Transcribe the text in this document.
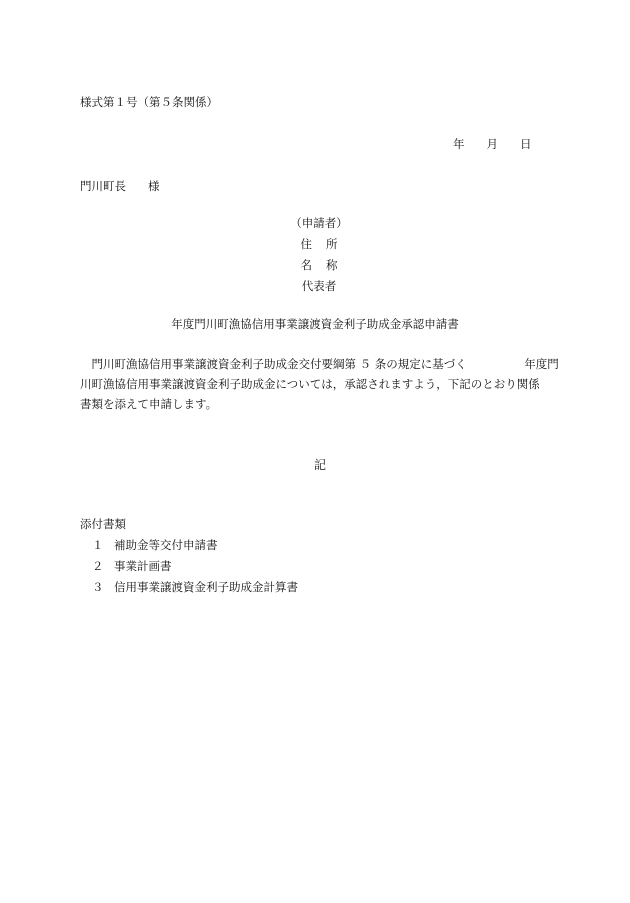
様式第１号（第５条関係）
年 月 日
門川町長 様
（申請者）
住 所
名 称
代表者
年度門川町漁協信用事業譲渡資金利子助成金承認申請書
　門川町漁協信用事業譲渡資金利子助成金交付要綱第 ５ 条の規定に基づく　　　　　年度門
川町漁協信用事業譲渡資金利子助成金については，承認されますよう，下記のとおり関係
書類を添えて申請します。
記
添付書類
１ 補助金等交付申請書
２ 事業計画書
３ 信用事業譲渡資金利子助成金計算書
